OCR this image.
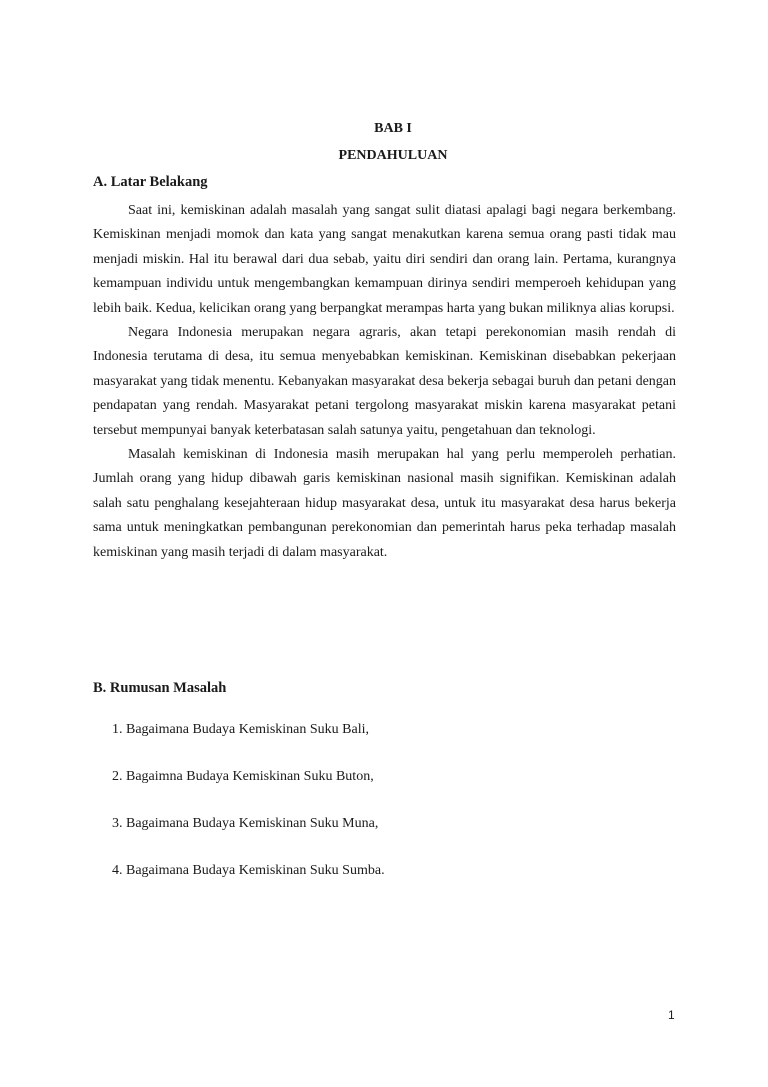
BAB I
PENDAHULUAN
A. Latar Belakang

Saat ini, kemiskinan adalah masalah yang sangat sulit diatasi apalagi bagi negara berkembang. Kemiskinan menjadi momok dan kata yang sangat menakutkan karena semua orang pasti tidak mau menjadi miskin. Hal itu berawal dari dua sebab, yaitu diri sendiri dan orang lain. Pertama, kurangnya kemampuan individu untuk mengembangkan kemampuan dirinya sendiri memperoeh kehidupan yang lebih baik. Kedua, kelicikan orang yang berpangkat merampas harta yang bukan miliknya alias korupsi.

Negara Indonesia merupakan negara agraris, akan tetapi perekonomian masih rendah di Indonesia terutama di desa, itu semua menyebabkan kemiskinan. Kemiskinan disebabkan pekerjaan masyarakat yang tidak menentu. Kebanyakan masyarakat desa bekerja sebagai buruh dan petani dengan pendapatan yang rendah. Masyarakat petani tergolong masyarakat miskin karena masyarakat petani tersebut mempunyai banyak keterbatasan salah satunya yaitu, pengetahuan dan teknologi.

Masalah kemiskinan di Indonesia masih merupakan hal yang perlu memperoleh perhatian. Jumlah orang yang hidup dibawah garis kemiskinan nasional masih signifikan. Kemiskinan adalah salah satu penghalang kesejahteraan hidup masyarakat desa, untuk itu masyarakat desa harus bekerja sama untuk meningkatkan pembangunan perekonomian dan pemerintah harus peka terhadap masalah kemiskinan yang masih terjadi di dalam masyarakat.

B. Rumusan Masalah
1. Bagaimana Budaya Kemiskinan Suku Bali,
2. Bagaimna Budaya Kemiskinan Suku Buton,
3. Bagaimana Budaya Kemiskinan Suku Muna,
4. Bagaimana Budaya Kemiskinan Suku Sumba.
1
